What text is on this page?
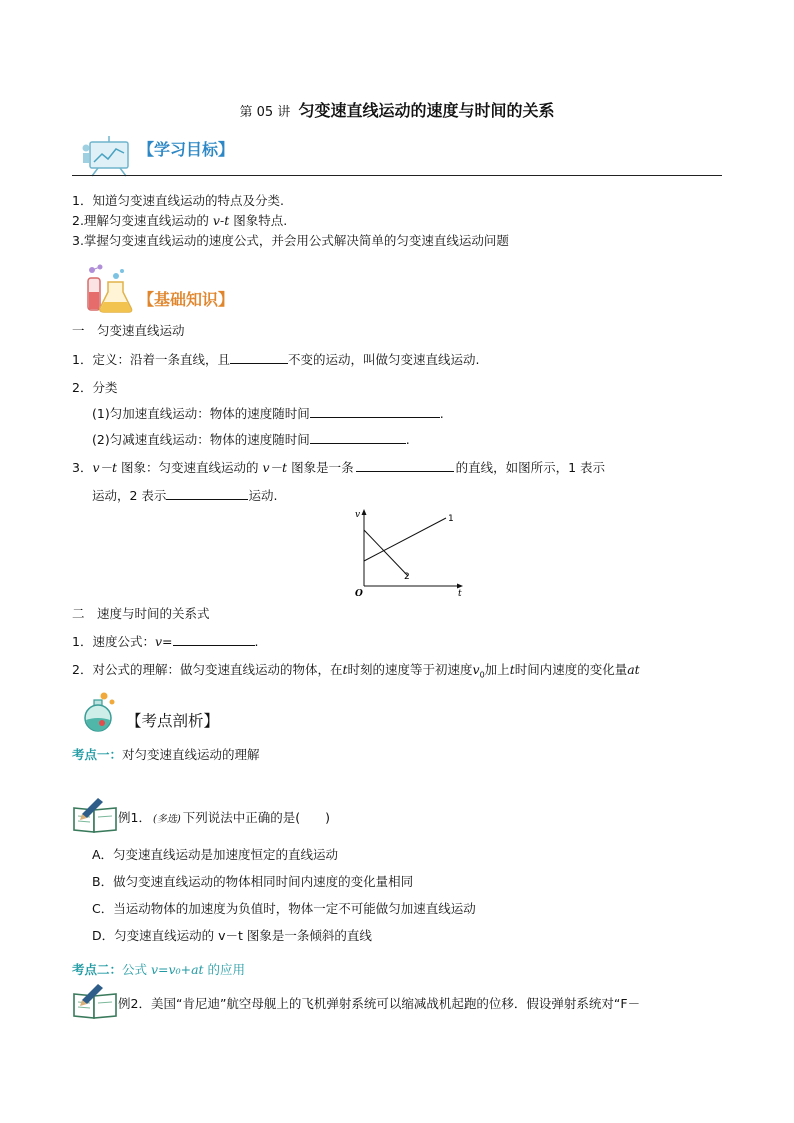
第 05 讲 匀变速直线运动的速度与时间的关系
【学习目标】
1．知道匀变速直线运动的特点及分类.
2.理解匀变速直线运动的 v-t 图象特点.
3.掌握匀变速直线运动的速度公式，并会用公式解决简单的匀变速直线运动问题
【基础知识】
一　匀变速直线运动
1．定义：沿着一条直线，且	不变的运动，叫做匀变速直线运动.
2．分类
(1)匀加速直线运动：物体的速度随时间	.
(2)匀减速直线运动：物体的速度随时间	.
3．v－t 图象：匀变速直线运动的 v－t 图象是一条	的直线，如图所示，1 表示
运动，2 表示	运动.
v
t
O
1
2
二　速度与时间的关系式
1．速度公式：v=	.
2．对公式的理解：做匀变速直线运动的物体，在t时刻的速度等于初速度$v_0$加上t时间内速度的变化量at
【考点剖析】
考点一：对匀变速直线运动的理解
例1． (多选) 下列说法中正确的是(　　)
A．匀变速直线运动是加速度恒定的直线运动
B．做匀变速直线运动的物体相同时间内速度的变化量相同
C．当运动物体的加速度为负值时，物体一定不可能做匀加速直线运动
D．匀变速直线运动的 v－t 图象是一条倾斜的直线
考点二：公式 v=v₀+at 的应用
例2．美国“肯尼迪”航空母舰上的飞机弹射系统可以缩减战机起跑的位移．假设弹射系统对“F－
